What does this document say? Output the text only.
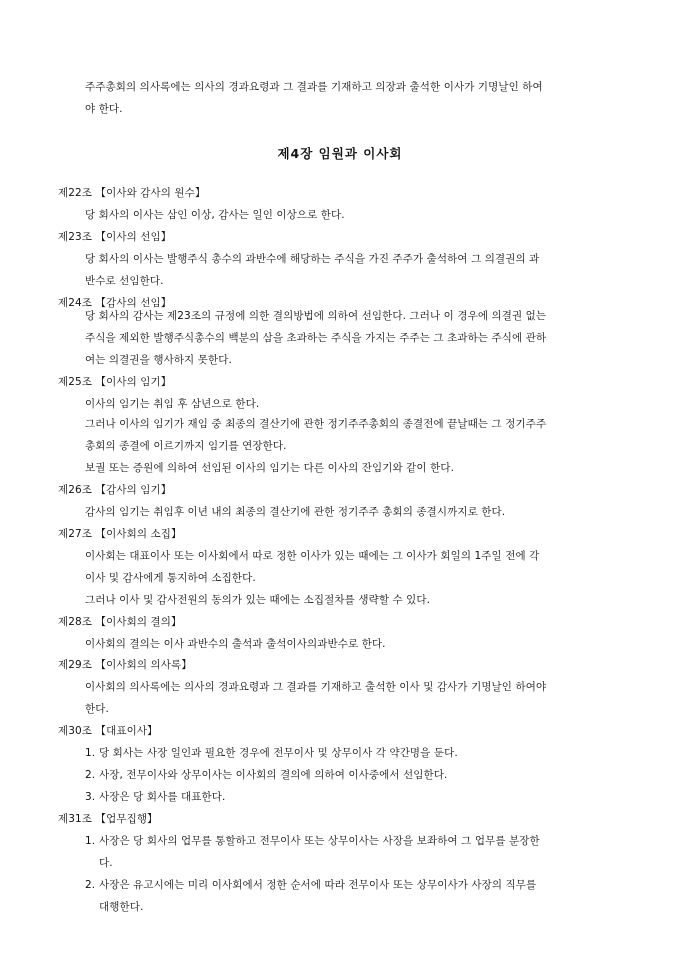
주주총회의 의사록에는 의사의 경과요령과 그 결과를 기재하고 의장과 출석한 이사가 기명날인 하여
야 한다.
제4장 임원과 이사회
제22조 【이사와 감사의 원수】
당 회사의 이사는 삼인 이상, 감사는 일인 이상으로 한다.
제23조 【이사의 선임】
당 회사의 이사는 발행주식 총수의 과반수에 해당하는 주식을 가진 주주가 출석하여 그 의결권의 과
반수로 선임한다.
제24조 【감사의 선임】
당 회사의 감사는 제23조의 규정에 의한 결의방법에 의하여 선임한다. 그러나 이 경우에 의결권 없는
주식을 제외한 발행주식총수의 백분의 삼을 초과하는 주식을 가지는 주주는 그 초과하는 주식에 관하
여는 의결권을 행사하지 못한다.
제25조 【이사의 임기】
이사의 임기는 취임 후 삼년으로 한다.
그러나 이사의 임기가 재임 중 최종의 결산기에 관한 정기주주총회의 종결전에 끝날때는 그 정기주주
총회의 종결에 이르기까지 임기를 연장한다.
보궐 또는 증원에 의하여 선임된 이사의 임기는 다른 이사의 잔임기와 같이 한다.
제26조 【감사의 임기】
감사의 임기는 취임후 이년 내의 최종의 결산기에 관한 정기주주 총회의 종결시까지로 한다.
제27조 【이사회의 소집】
이사회는 대표이사 또는 이사회에서 따로 정한 이사가 있는 때에는 그 이사가 회일의 1주일 전에 각
이사 및 감사에게 통지하여 소집한다.
그러나 이사 및 감사전원의 동의가 있는 때에는 소집절차를 생략할 수 있다.
제28조 【이사회의 결의】
이사회의 결의는 이사 과반수의 출석과 출석이사의과반수로 한다.
제29조 【이사회의 의사록】
이사회의 의사록에는 의사의 경과요령과 그 결과를 기재하고 출석한 이사 및 감사가 기명날인 하여야
한다.
제30조 【대표이사】
1. 당 회사는 사장 일인과 필요한 경우에 전무이사 및 상무이사 각 약간명을 둔다.
2. 사장, 전무이사와 상무이사는 이사회의 결의에 의하여 이사중에서 선임한다.
3. 사장은 당 회사를 대표한다.
제31조 【업무집행】
1. 사장은 당 회사의 업무를 통할하고 전무이사 또는 상무이사는 사장을 보좌하여 그 업무를 분장한
다.
2. 사장은 유고시에는 미리 이사회에서 정한 순서에 따라 전무이사 또는 상무이사가 사장의 직무를
대행한다.
